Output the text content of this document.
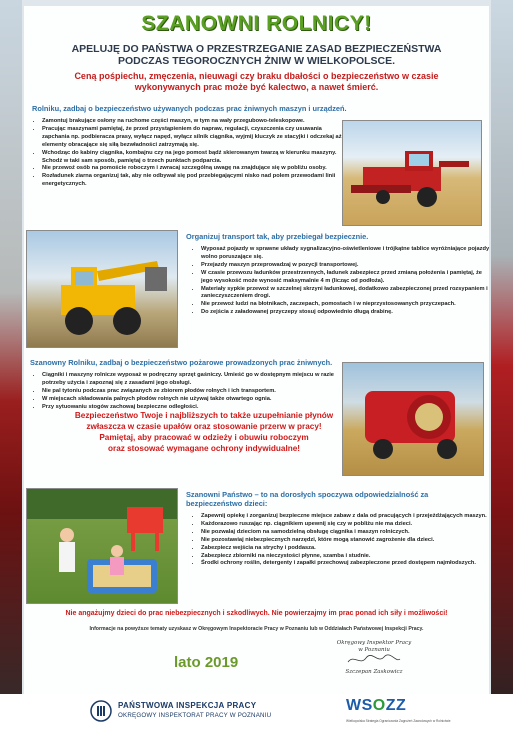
SZANOWNI ROLNICY!
APELUJĘ DO PAŃSTWA O PRZESTRZEGANIE ZASAD BEZPIECZEŃSTWA PODCZAS TEGOROCZNYCH ŻNIW W WIELKOPOLSCE.
Ceną pośpiechu, zmęczenia, nieuwagi czy braku dbałości o bezpieczeństwo w czasie wykonywanych prac może być kalectwo, a nawet śmierć.
Rolniku, zadbaj o bezpieczeństwo używanych podczas prac żniwnych maszyn i urządzeń.
• Zamontuj brakujące osłony na ruchome części maszyn, w tym na wały przegubowo-teleskopowe.
• Pracując maszynami pamiętaj, że przed przystąpieniem do napraw, regulacji, czyszczenia czy usuwania zapchania np. podbieracza prasy, wyłącz napęd, wyłącz silnik ciągnika, wyjmij kluczyk ze stacyjki i odczekaj aż elementy obracające się siłą bezwładności zatrzymają się.
• Wchodząc do kabiny ciągnika, kombajnu czy na jego pomost bądź skierowanym twarzą w kierunku maszyny. Schodź w taki sam sposób, pamiętaj o trzech punktach podparcia.
• Nie przewoź osób na pomoście roboczym i zwracaj szczególną uwagę na znajdujące się w pobliżu osoby.
• Rozładunek ziarna organizuj tak, aby nie odbywał się pod przebiegającymi nisko nad polem przewodami linii energetycznych.
Organizuj transport tak, aby przebiegał bezpiecznie.
• Wyposaż pojazdy w sprawne układy sygnalizacyjno-oświetleniowe i trójkątne tablice wyróżniające pojazdy wolno poruszające się.
• Przejazdy maszyn przeprowadzaj w pozycji transportowej.
• W czasie przewozu ładunków przestrzennych, ładunek zabezpiecz przed zmianą położenia i pamiętaj, że jego wysokość może wynosić maksymalnie 4 m (licząc od podłoża).
• Materiały sypkie przewoź w szczelnej skrzyni ładunkowej, dodatkowo zabezpieczonej przed rozsypaniem i zanieczyszczeniem drogi.
• Nie przewoź ludzi na błotnikach, zaczepach, pomostach i w nieprzystosowanych przyczepach.
• Do zejścia z załadowanej przyczepy stosuj odpowiednio długą drabinę.
Szanowny Rolniku, zadbaj o bezpieczeństwo pożarowe prowadzonych prac żniwnych.
• Ciągniki i maszyny rolnicze wyposaż w podręczny sprzęt gaśniczy. Umieść go w dostępnym miejscu w razie potrzeby użycia i zapoznaj się z zasadami jego obsługi.
• Nie pal tytoniu podczas prac związanych ze zbiorem płodów rolnych i ich transportem.
• W miejscach składowania palnych płodów rolnych nie używaj także otwartego ognia.
• Przy sytuowaniu stogów zachowaj bezpieczne odległości.
Bezpieczeństwo Twoje i najbliższych to także uzupełnianie płynów
zwłaszcza w czasie upałów oraz stosowanie przerw w pracy!
Pamiętaj, aby pracować w odzieży i obuwiu roboczym
oraz stosować wymagane ochrony indywidualne!
Szanowni Państwo – to na dorosłych spoczywa odpowiedzialność za bezpieczeństwo dzieci:
• Zapewnij opiekę i zorganizuj bezpieczne miejsce zabaw z dala od pracujących i przejeżdżających maszyn.
• Każdorazowo ruszając np. ciągnikiem upewnij się czy w pobliżu nie ma dzieci.
• Nie pozwalaj dzieciom na samodzielną obsługę ciągnika i maszyn rolniczych.
• Nie pozostawiaj niebezpiecznych narzędzi, które mogą stanowić zagrożenie dla dzieci.
• Zabezpiecz wejścia na strychy i poddasza.
• Zabezpiecz zbiorniki na nieczystości płynne, szamba i studnie.
• Środki ochrony roślin, detergenty i zapałki przechowuj zabezpieczone przed dostępem najmłodszych.
Nie angażujmy dzieci do prac niebezpiecznych i szkodliwych. Nie powierzajmy im prac ponad ich siły i możliwości!
Informacje na powyższe tematy uzyskasz w Okręgowym Inspektoracie Pracy w Poznaniu lub w Oddziałach Państwowej Inspekcji Pracy.
lato 2019
Okręgowy Inspektor Pracy
w Poznaniu
Szczepan Zaskowicz
PAŃSTWOWA INSPEKCJA PRACY
OKRĘGOWY INSPEKTORAT PRACY W POZNANIU
WSOZZ
Wielkopolska Strategia Ograniczania Zagrożeń Zawodowych w Rolnictwie
